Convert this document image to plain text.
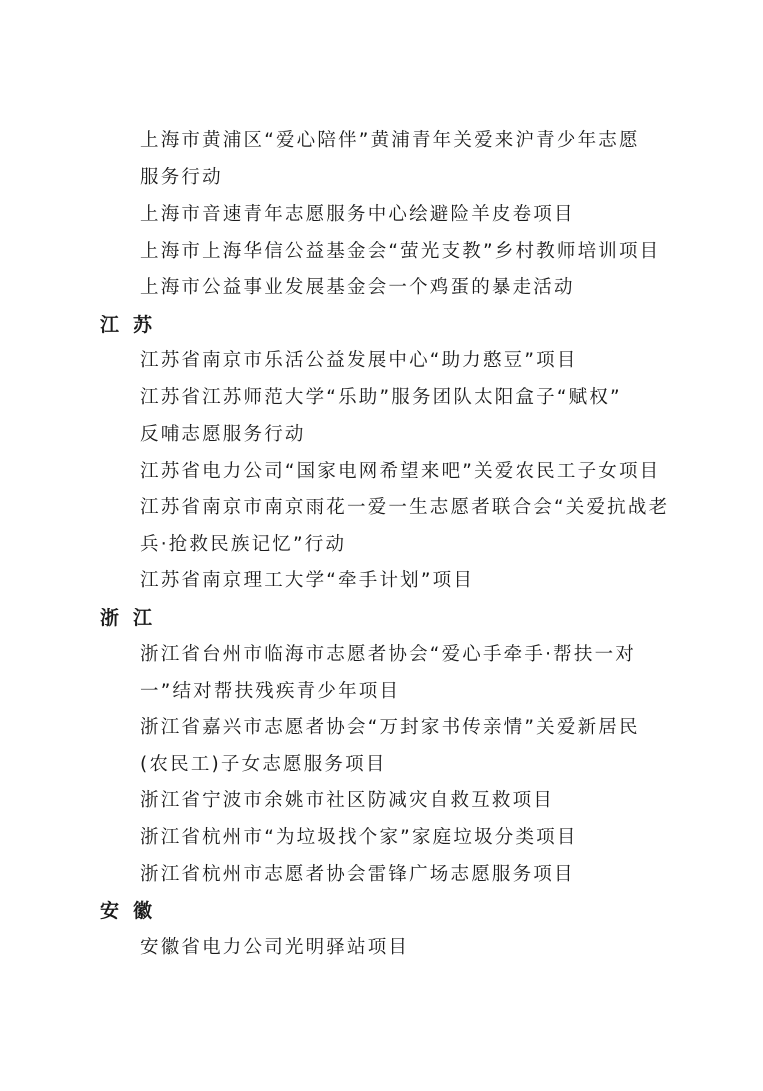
上海市黄浦区“爱心陪伴”黄浦青年关爱来沪青少年志愿
服务行动
上海市音速青年志愿服务中心绘避险羊皮卷项目
上海市上海华信公益基金会“萤光支教”乡村教师培训项目
上海市公益事业发展基金会一个鸡蛋的暴走活动
江苏
江苏省南京市乐活公益发展中心“助力憨豆”项目
江苏省江苏师范大学“乐助”服务团队太阳盒子“赋权”
反哺志愿服务行动
江苏省电力公司“国家电网希望来吧”关爱农民工子女项目
江苏省南京市南京雨花一爱一生志愿者联合会“关爱抗战老
兵·抢救民族记忆”行动
江苏省南京理工大学“牵手计划”项目
浙江
浙江省台州市临海市志愿者协会“爱心手牵手·帮扶一对
一”结对帮扶残疾青少年项目
浙江省嘉兴市志愿者协会“万封家书传亲情”关爱新居民
(农民工)子女志愿服务项目
浙江省宁波市余姚市社区防减灾自救互救项目
浙江省杭州市“为垃圾找个家”家庭垃圾分类项目
浙江省杭州市志愿者协会雷锋广场志愿服务项目
安徽
安徽省电力公司光明驿站项目
